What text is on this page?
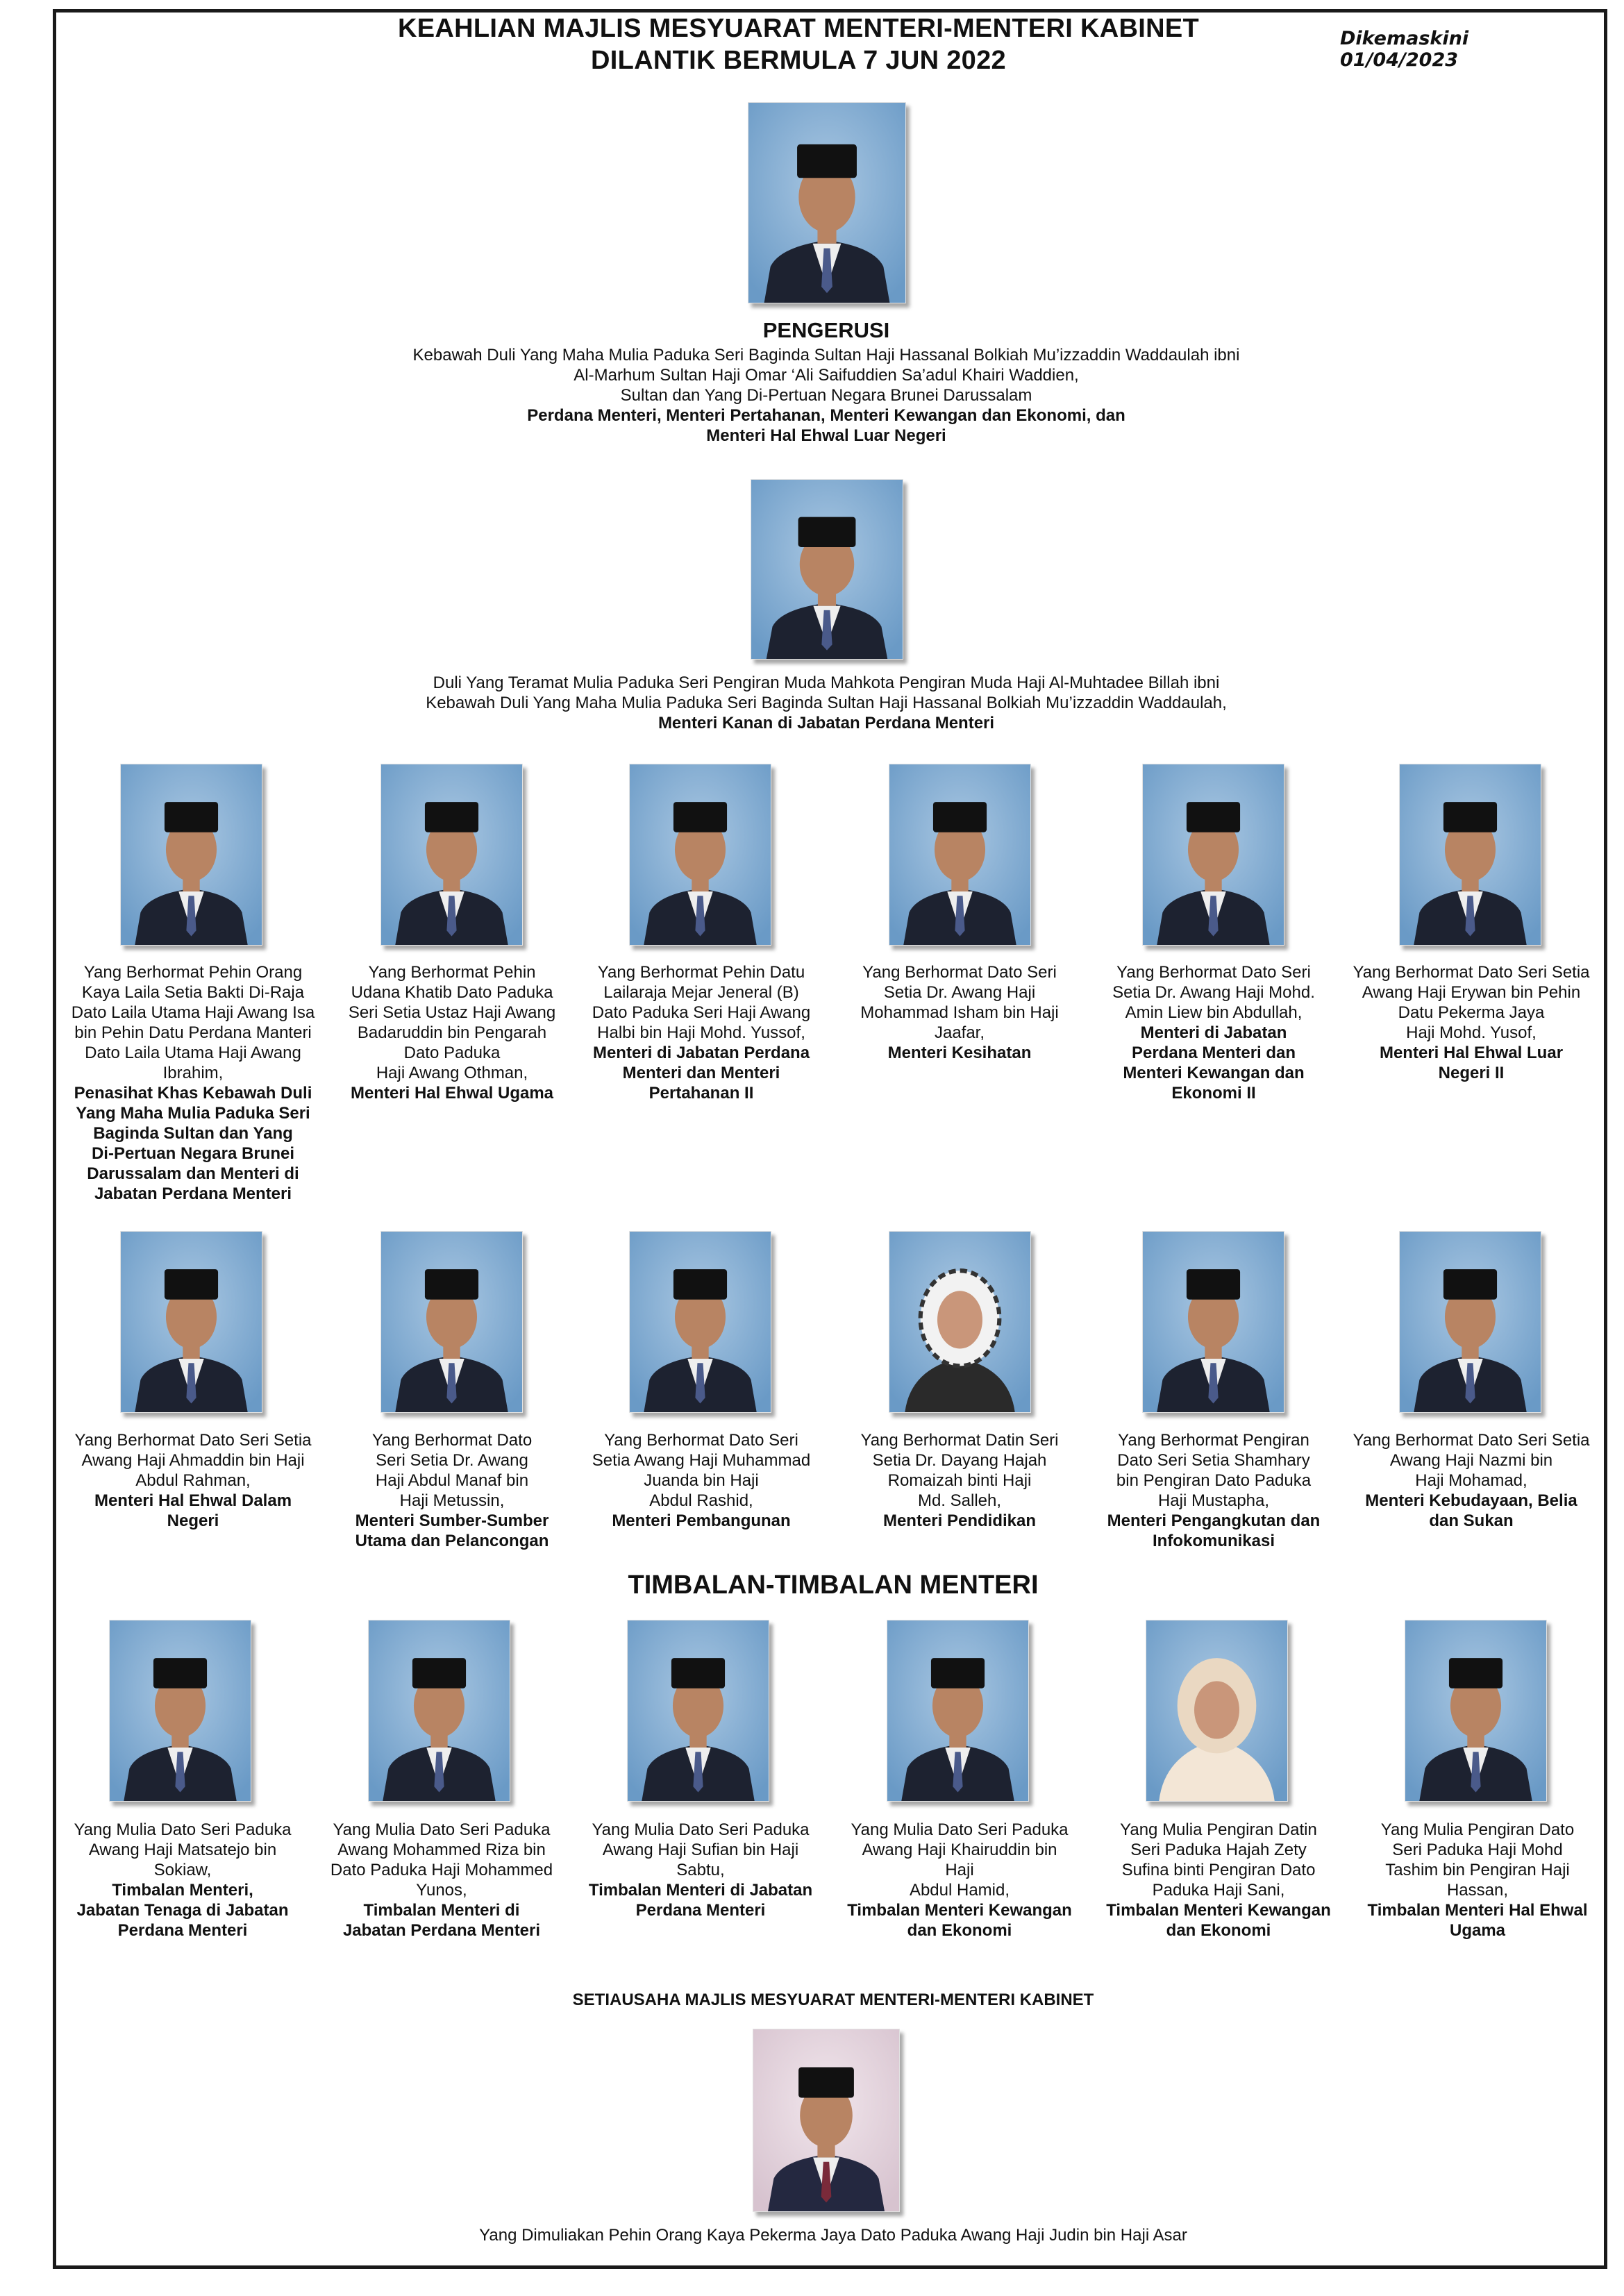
KEAHLIAN MAJLIS MESYUARAT MENTERI-MENTERI KABINET
DILANTIK BERMULA 7 JUN 2022
Dikemaskini 01/04/2023
PENGERUSI
Kebawah Duli Yang Maha Mulia Paduka Seri Baginda Sultan Haji Hassanal Bolkiah Mu’izzaddin Waddaulah ibni
Al-Marhum Sultan Haji Omar ‘Ali Saifuddien Sa’adul Khairi Waddien,
Sultan dan Yang Di-Pertuan Negara Brunei Darussalam
Perdana Menteri, Menteri Pertahanan, Menteri Kewangan dan Ekonomi, dan
Menteri Hal Ehwal Luar Negeri
Duli Yang Teramat Mulia Paduka Seri Pengiran Muda Mahkota Pengiran Muda Haji Al-Muhtadee Billah ibni
Kebawah Duli Yang Maha Mulia Paduka Seri Baginda Sultan Haji Hassanal Bolkiah Mu’izzaddin Waddaulah,
Menteri Kanan di Jabatan Perdana Menteri
Yang Berhormat Pehin Orang
Kaya Laila Setia Bakti Di-Raja
Dato Laila Utama Haji Awang Isa
bin Pehin Datu Perdana Manteri
Dato Laila Utama Haji Awang
Ibrahim,
Penasihat Khas Kebawah Duli
Yang Maha Mulia Paduka Seri
Baginda Sultan dan Yang
Di-Pertuan Negara Brunei
Darussalam dan Menteri di
Jabatan Perdana Menteri
Yang Berhormat Pehin
Udana Khatib Dato Paduka
Seri Setia Ustaz Haji Awang
Badaruddin bin Pengarah
Dato Paduka
Haji Awang Othman,
Menteri Hal Ehwal Ugama
Yang Berhormat Pehin Datu
Lailaraja Mejar Jeneral (B)
Dato Paduka Seri Haji Awang
Halbi bin Haji Mohd. Yussof,
Menteri di Jabatan Perdana
Menteri dan Menteri
Pertahanan II
Yang Berhormat Dato Seri
Setia Dr. Awang Haji
Mohammad Isham bin Haji
Jaafar,
Menteri Kesihatan
Yang Berhormat Dato Seri
Setia Dr. Awang Haji Mohd.
Amin Liew bin Abdullah,
Menteri di Jabatan
Perdana Menteri dan
Menteri Kewangan dan
Ekonomi II
Yang Berhormat Dato Seri Setia
Awang Haji Erywan bin Pehin
Datu Pekerma Jaya
Haji Mohd. Yusof,
Menteri Hal Ehwal Luar
Negeri II
Yang Berhormat Dato Seri Setia
Awang Haji Ahmaddin bin Haji
Abdul Rahman,
Menteri Hal Ehwal Dalam
Negeri
Yang Berhormat Dato
Seri Setia Dr. Awang
Haji Abdul Manaf bin
Haji Metussin,
Menteri Sumber-Sumber
Utama dan Pelancongan
Yang Berhormat Dato Seri
Setia Awang Haji Muhammad
Juanda bin Haji
Abdul Rashid,
Menteri Pembangunan
Yang Berhormat Datin Seri
Setia Dr. Dayang Hajah
Romaizah binti Haji
Md. Salleh,
Menteri Pendidikan
Yang Berhormat Pengiran
Dato Seri Setia Shamhary
bin Pengiran Dato Paduka
Haji Mustapha,
Menteri Pengangkutan dan
Infokomunikasi
Yang Berhormat Dato Seri Setia
Awang Haji Nazmi bin
Haji Mohamad,
Menteri Kebudayaan, Belia
dan Sukan
TIMBALAN-TIMBALAN MENTERI
Yang Mulia Dato Seri Paduka
Awang Haji Matsatejo bin
Sokiaw,
Timbalan Menteri,
Jabatan Tenaga di Jabatan
Perdana Menteri
Yang Mulia Dato Seri Paduka
Awang Mohammed Riza bin
Dato Paduka Haji Mohammed
Yunos,
Timbalan Menteri di
Jabatan Perdana Menteri
Yang Mulia Dato Seri Paduka
Awang Haji Sufian bin Haji
Sabtu,
Timbalan Menteri di Jabatan
Perdana Menteri
Yang Mulia Dato Seri Paduka
Awang Haji Khairuddin bin
Haji
Abdul Hamid,
Timbalan Menteri Kewangan
dan Ekonomi
Yang Mulia Pengiran Datin
Seri Paduka Hajah Zety
Sufina binti Pengiran Dato
Paduka Haji Sani,
Timbalan Menteri Kewangan
dan Ekonomi
Yang Mulia Pengiran Dato
Seri Paduka Haji Mohd
Tashim bin Pengiran Haji
Hassan,
Timbalan Menteri Hal Ehwal
Ugama
SETIAUSAHA MAJLIS MESYUARAT MENTERI-MENTERI KABINET
Yang Dimuliakan Pehin Orang Kaya Pekerma Jaya Dato Paduka Awang Haji Judin bin Haji Asar
